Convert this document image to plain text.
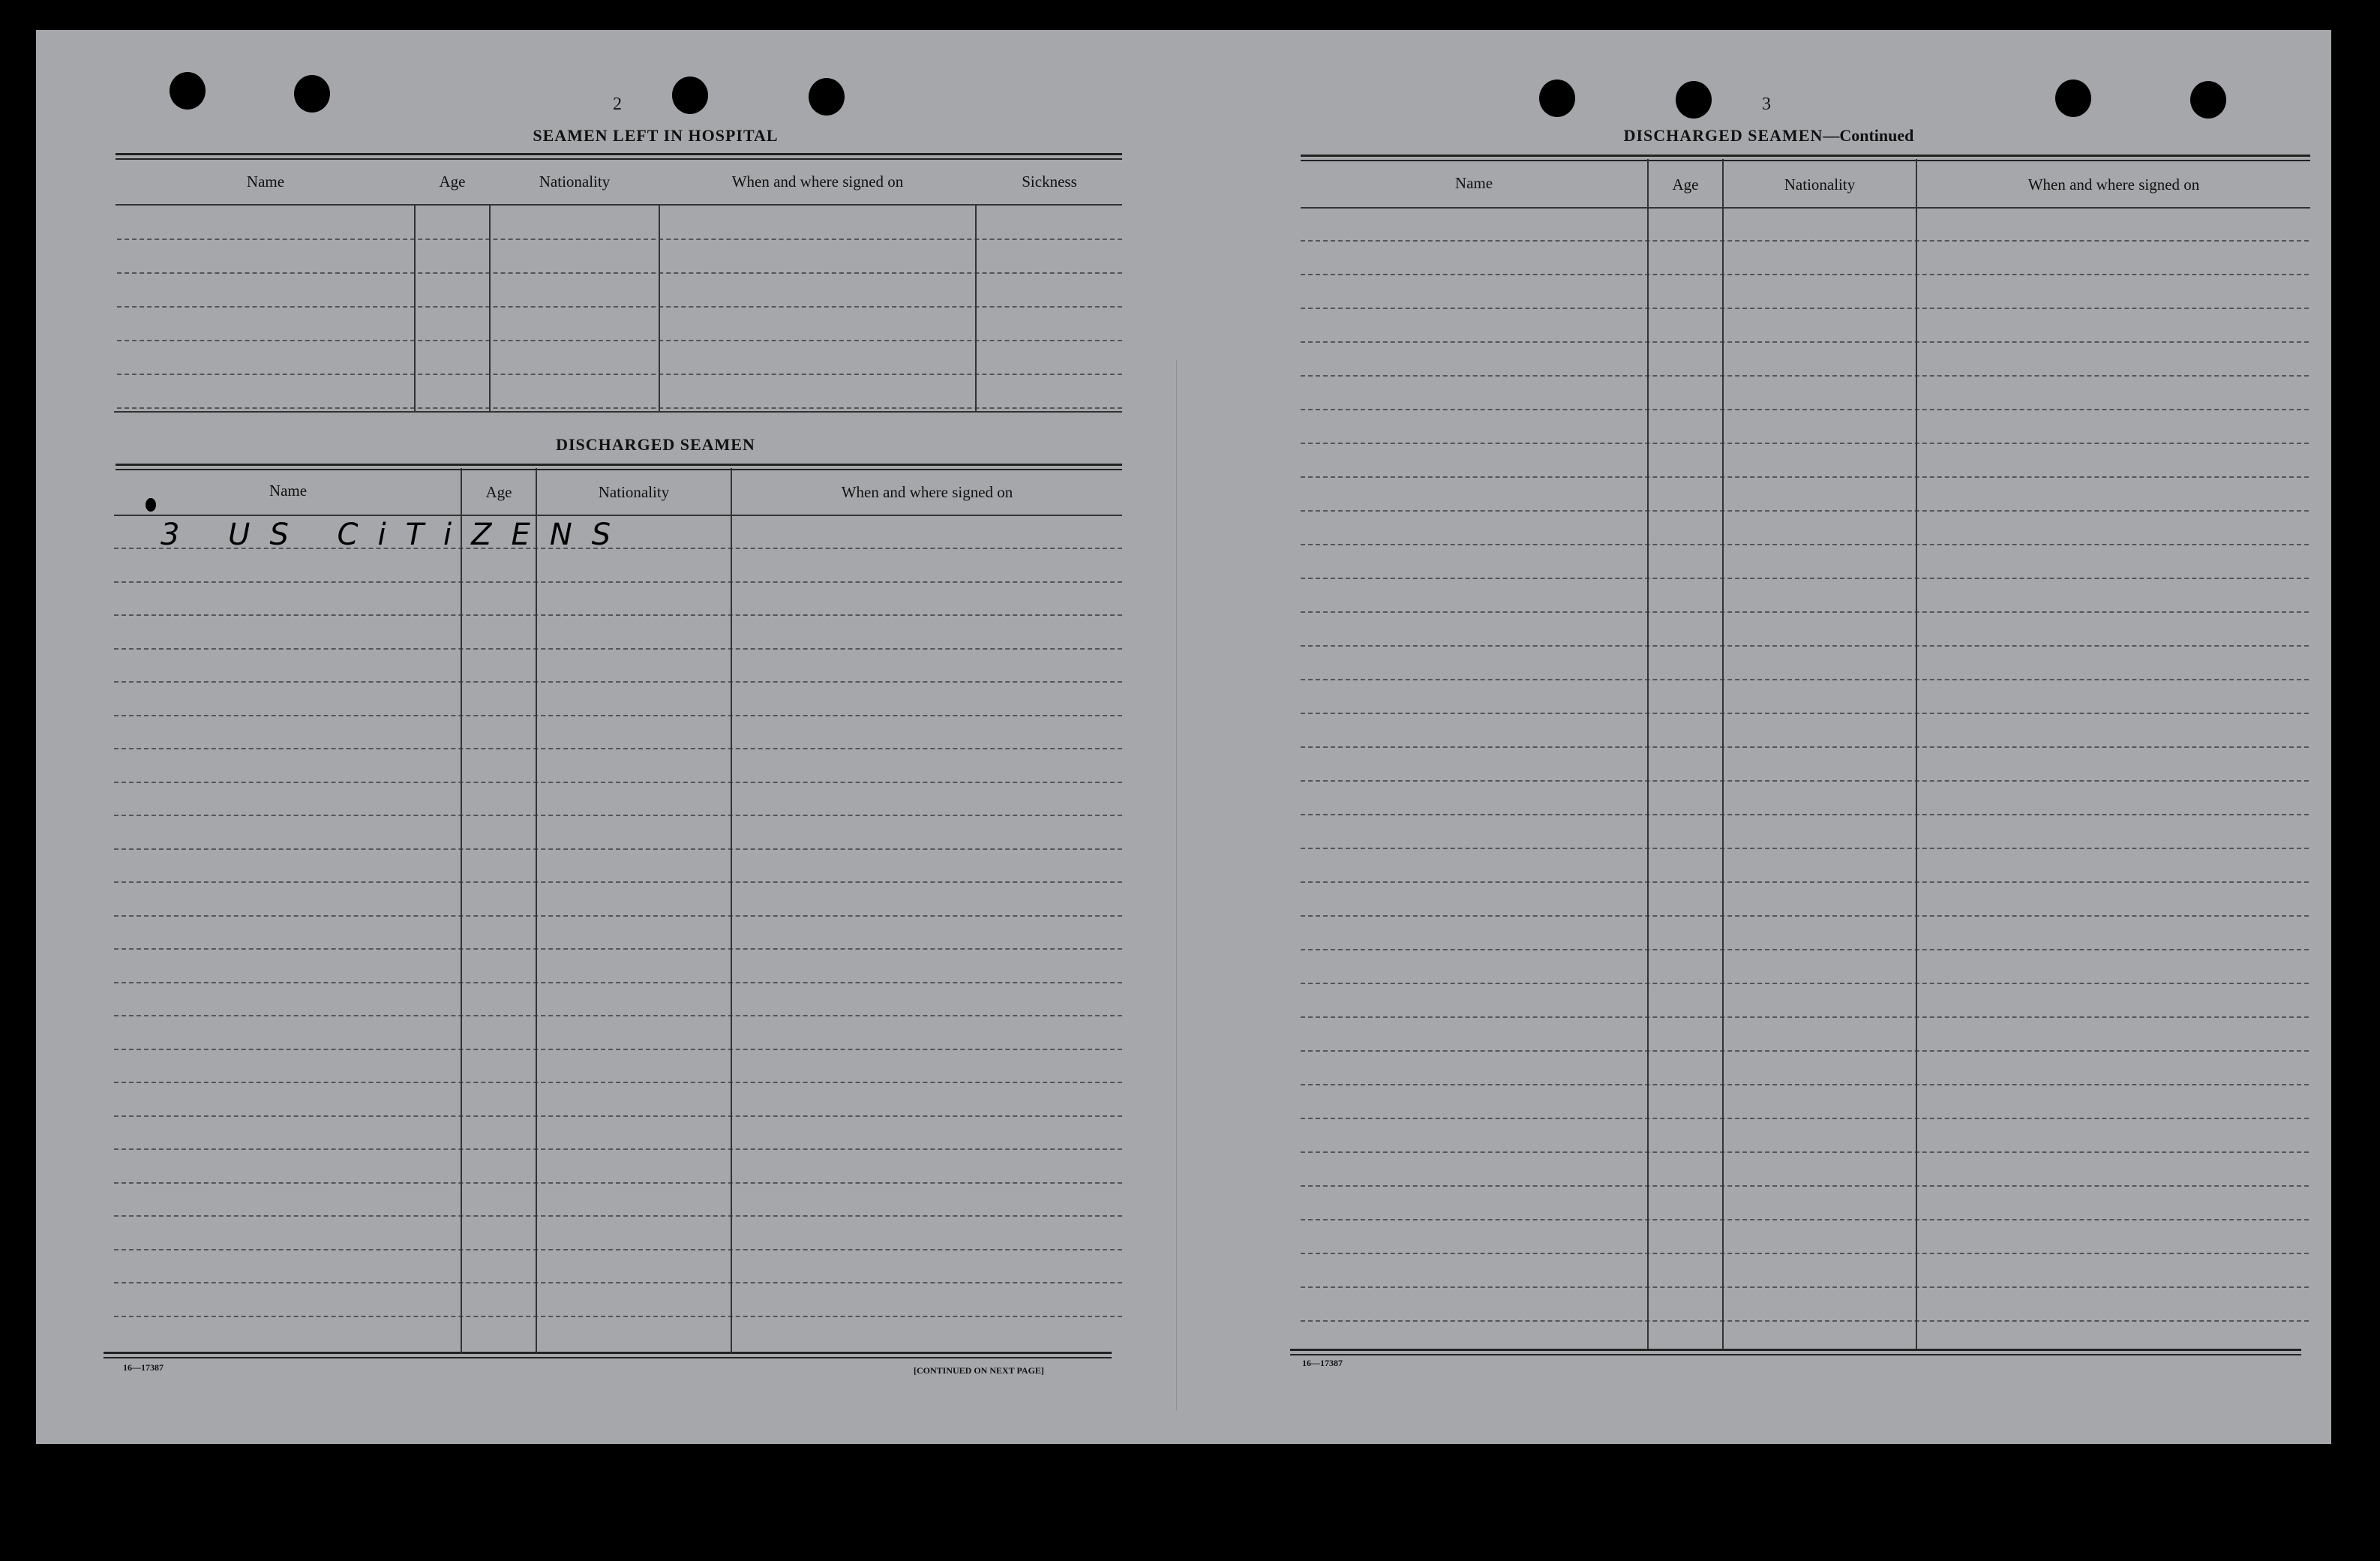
2
SEAMEN LEFT IN HOSPITAL
Name	Age	Nationality	When and where signed on	Sickness
DISCHARGED SEAMEN
Name	Age	Nationality	When and where signed on
3 US CiTiZENS
16—17387	[CONTINUED ON NEXT PAGE]
3
DISCHARGED SEAMEN—Continued
Name	Age	Nationality	When and where signed on
16—17387
